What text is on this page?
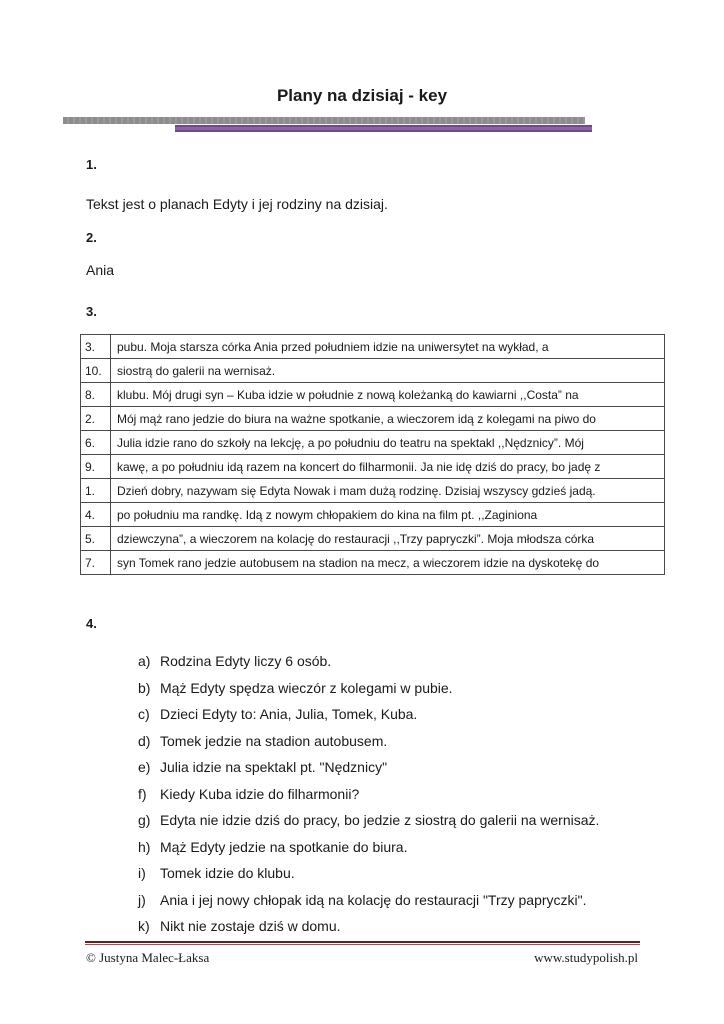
Plany na dzisiaj - key
1.
Tekst jest o planach Edyty i jej rodziny na dzisiaj.
2.
Ania
3.
3.	pubu. Moja starsza córka Ania przed południem idzie na uniwersytet na wykład, a
10.	siostrą do galerii na wernisaż.
8.	klubu. Mój drugi syn – Kuba idzie w południe z nową koleżanką do kawiarni ,,Costa” na
2.	Mój mąż rano jedzie do biura na ważne spotkanie, a wieczorem idą z kolegami na piwo do
6.	Julia idzie rano do szkoły na lekcję, a po południu do teatru na spektakl ,,Nędznicy”. Mój
9.	kawę, a po południu idą razem na koncert do filharmonii. Ja nie idę dziś do pracy, bo jadę z
1.	Dzień dobry, nazywam się Edyta Nowak i mam dużą rodzinę. Dzisiaj wszyscy gdzieś jadą.
4.	po południu ma randkę. Idą z nowym chłopakiem do kina na film pt. ,,Zaginiona
5.	dziewczyna”, a wieczorem na kolację do restauracji ,,Trzy papryczki”. Moja młodsza córka
7.	syn Tomek rano jedzie autobusem na stadion na mecz, a wieczorem idzie na dyskotekę do
4.
a) Rodzina Edyty liczy 6 osób.
b) Mąż Edyty spędza wieczór z kolegami w pubie.
c) Dzieci Edyty to: Ania, Julia, Tomek, Kuba.
d) Tomek jedzie na stadion autobusem.
e) Julia idzie na spektakl pt. "Nędznicy"
f) Kiedy Kuba idzie do filharmonii?
g) Edyta nie idzie dziś do pracy, bo jedzie z siostrą do galerii na wernisaż.
h) Mąż Edyty jedzie na spotkanie do biura.
i) Tomek idzie do klubu.
j) Ania i jej nowy chłopak idą na kolację do restauracji "Trzy papryczki".
k) Nikt nie zostaje dziś w domu.
© Justyna Malec-Łaksa	www.studypolish.pl
